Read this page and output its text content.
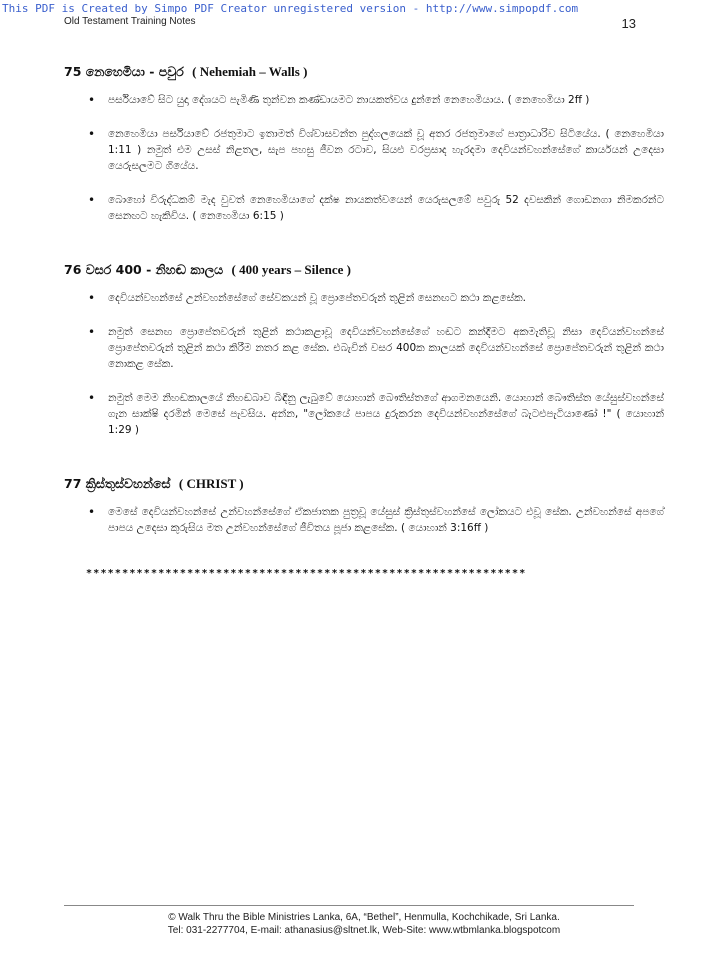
This PDF is Created by Simpo PDF Creator unregistered version - http://www.simpopdf.com
Old Testament Training Notes	13
75 නෙහෙමියා - පවුර ( Nehemiah – Walls )
• පර්සියාවේ සිට යුදා දේශයට පැමිණි තුන්වන කණ්ඩායමට නායකත්වය දුන්නේ නෙහෙමියාය. ( නෙහෙමියා 2ff )
• නෙහෙමියා පර්සියාවේ රජතුමාට ඉතාමත් විශ්වාසවන්ත පුද්ගලයෙක් වූ අතර රජතුමාගේ පාත්‍රාධාරිව සිටියේය. ( නෙහෙමියා 1:11 ) නමුත් එම උසස් නිළතල, සැප පහසු ජීවන රටාව, සියළු වරප්‍රසාද හැරදමා දෙවියන්වහන්සේගේ කාර්යයන් උදෙසා යෙරුසලමට ගියේය.
• බොහෝ විරුද්ධකම් මැද වුවත් නෙහෙමියාගේ දක්ෂ නායකත්වයෙන් යෙරුසලමේ පවුරු 52 දවසකින් ගොඩනගා නිමකරන්ට සෙනඟට හැකිවිය. ( නෙහෙමියා 6:15 )
76 වසර 400 - නිහඬ කාලය ( 400 years – Silence )
• දෙවියන්වහන්සේ උන්වහන්සේගේ සේවකයන් වූ ප්‍රොපේතවරුන් තුළින් සෙනඟට කථා කළසේක.
• නමුත් සෙනඟ ප්‍රොපේතවරුන් තුළින් කථාකළාවූ දෙවියන්වහන්සේගේ හඬට කන්දීමට අකමැතිවූ නිසා දෙවියන්වහන්සේ ප්‍රොපේතවරුන් තුළින් කථා කිරීම නතර කළ සේක. එබැවින් වසර 400ක කාලයක් දෙවියන්වහන්සේ ප්‍රොපේතවරුන් තුළින් කථා නොකළ සේක.
• නමුත් මෙම නිහඬකාලයේ නිහඬබාව බිඳිනු ලැබුවේ යොහාන් බෞතිස්තගේ ආගමනයෙනි. යොහාන් බෞතිස්ත යේසුස්වහන්සේ ගැන සාක්ෂි දරමින් මෙසේ පැවසිය. අන්න, "ලෝකයේ පාපය දුරුකරන දෙවියන්වහන්සේගේ බැටළුපැටියාණෝ !" ( යොහාන් 1:29 )
77 ක්‍රිස්තුස්වහන්සේ ( CHRIST )
• මෙසේ දෙවියන්වහන්සේ උන්වහන්සේගේ ඒකජාතක පුත්‍රවූ යේසුස් ක්‍රිස්තුස්වහන්සේ ලෝකයට එවූ සේක. උන්වහන්සේ අපගේ පාපය උදෙසා කුරුසිය මත උන්වහන්සේගේ ජීවිතය පූජා කළසේක. ( යොහාන් 3:16ff )
*************************************************************
© Walk Thru the Bible Ministries Lanka, 6A, “Bethel”, Henmulla, Kochchikade, Sri Lanka.
Tel: 031-2277704, E-mail: athanasius@sltnet.lk, Web-Site: www.wtbmlanka.blogspotcom
